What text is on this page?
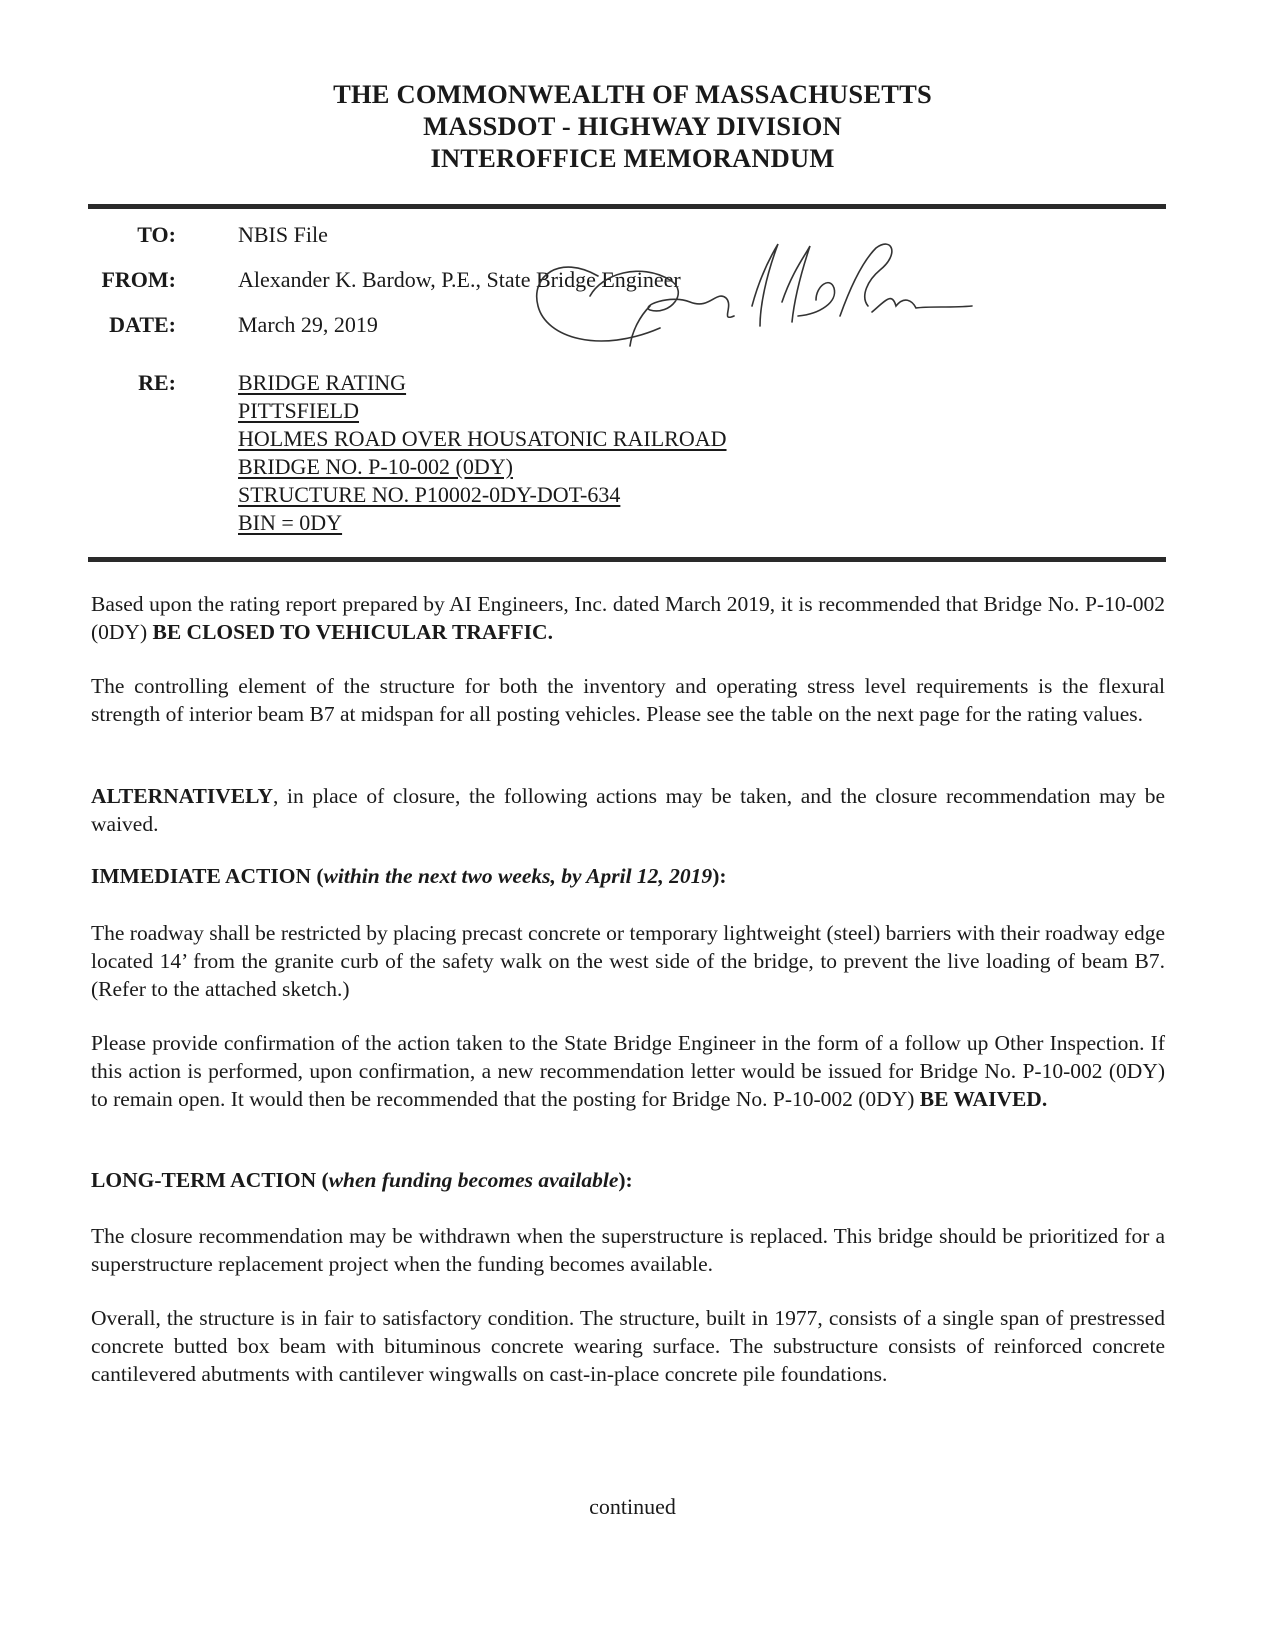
THE COMMONWEALTH OF MASSACHUSETTS
MASSDOT - HIGHWAY DIVISION
INTEROFFICE MEMORANDUM
TO:	NBIS File
FROM:	Alexander K. Bardow, P.E., State Bridge Engineer
DATE:	March 29, 2019
RE:	BRIDGE RATING
PITTSFIELD
HOLMES ROAD OVER HOUSATONIC RAILROAD
BRIDGE NO. P-10-002 (0DY)
STRUCTURE NO. P10002-0DY-DOT-634
BIN = 0DY

Based upon the rating report prepared by AI Engineers, Inc. dated March 2019, it is recommended that Bridge No. P-10-002 (0DY) BE CLOSED TO VEHICULAR TRAFFIC.

The controlling element of the structure for both the inventory and operating stress level requirements is the flexural strength of interior beam B7 at midspan for all posting vehicles. Please see the table on the next page for the rating values.

ALTERNATIVELY, in place of closure, the following actions may be taken, and the closure recommendation may be waived.

IMMEDIATE ACTION (within the next two weeks, by April 12, 2019):

The roadway shall be restricted by placing precast concrete or temporary lightweight (steel) barriers with their roadway edge located 14’ from the granite curb of the safety walk on the west side of the bridge, to prevent the live loading of beam B7. (Refer to the attached sketch.)

Please provide confirmation of the action taken to the State Bridge Engineer in the form of a follow up Other Inspection. If this action is performed, upon confirmation, a new recommendation letter would be issued for Bridge No. P-10-002 (0DY) to remain open. It would then be recommended that the posting for Bridge No. P-10-002 (0DY) BE WAIVED.

LONG-TERM ACTION (when funding becomes available):

The closure recommendation may be withdrawn when the superstructure is replaced. This bridge should be prioritized for a superstructure replacement project when the funding becomes available.

Overall, the structure is in fair to satisfactory condition. The structure, built in 1977, consists of a single span of prestressed concrete butted box beam with bituminous concrete wearing surface. The substructure consists of reinforced concrete cantilevered abutments with cantilever wingwalls on cast-in-place concrete pile foundations.

continued
